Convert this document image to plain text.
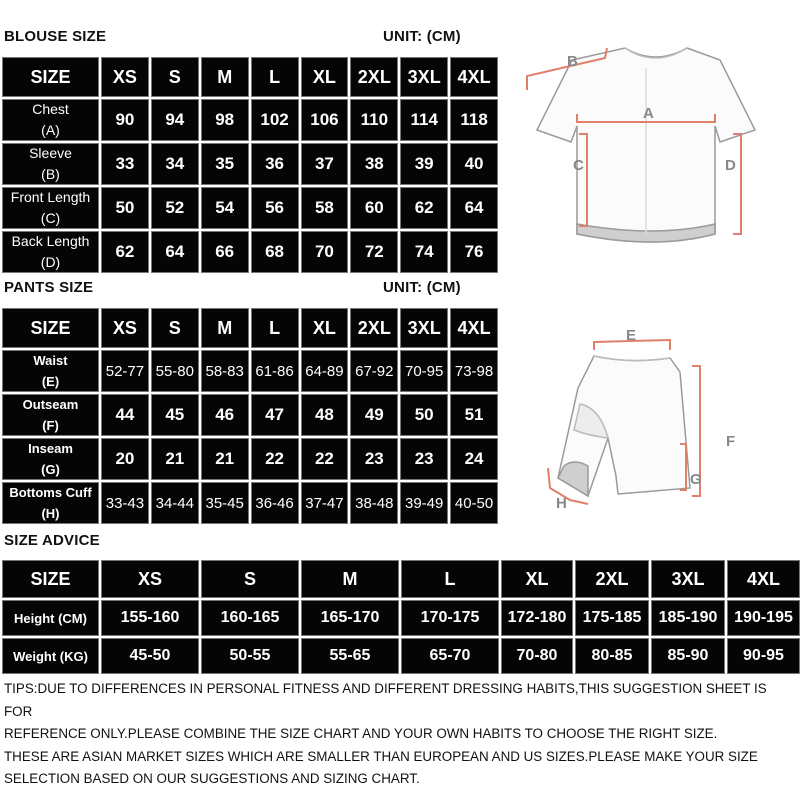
BLOUSE SIZE	UNIT: (CM)
SIZE	XS	S	M	L	XL	2XL	3XL	4XL

Chest
(A)	90	94	98	102	106	110	114	118

Sleeve
(B)	33	34	35	36	37	38	39	40

Front Length
(C)	50	52	54	56	58	60	62	64

Back Length
(D)	62	64	66	68	70	72	74	76
B
A
C	D
PANTS SIZE	UNIT: (CM)
SIZE	XS	S	M	L	XL	2XL	3XL	4XL

Waist
(E)	52-77	55-80	58-83	61-86	64-89	67-92	70-95	73-98

Outseam
(F)	44	45	46	47	48	49	50	51

Inseam
(G)	20	21	21	22	22	23	23	24

Bottoms Cuff
(H)	33-43	34-44	35-45	36-46	37-47	38-48	39-49	40-50
E
F
G
H
SIZE ADVICE
SIZE	XS	S	M	L	XL	2XL	3XL	4XL
Height (CM)	155-160	160-165	165-170	170-175	172-180	175-185	185-190	190-195
Weight (KG)	45-50	50-55	55-65	65-70	70-80	80-85	85-90	90-95

TIPS:DUE TO DIFFERENCES IN PERSONAL FITNESS AND DIFFERENT DRESSING HABITS,THIS SUGGESTION SHEET IS FOR

REFERENCE ONLY.PLEASE COMBINE THE SIZE CHART AND YOUR OWN HABITS TO CHOOSE THE RIGHT SIZE.

THESE ARE ASIAN MARKET SIZES WHICH ARE SMALLER THAN EUROPEAN AND US SIZES.PLEASE MAKE YOUR SIZE

SELECTION BASED ON OUR SUGGESTIONS AND SIZING CHART.
